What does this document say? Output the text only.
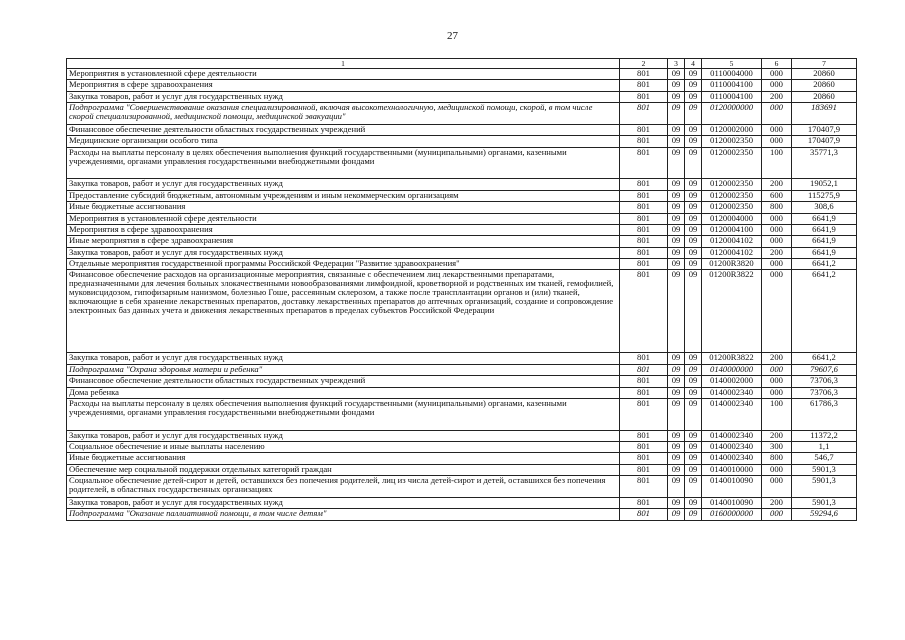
27
1	2	3	4	5	6	7
Мероприятия в установленной сфере деятельности	801	09	09	0110004000	000	20860
Мероприятия в сфере здравоохранения	801	09	09	0110004100	000	20860
Закупка товаров, работ и услуг для государственных нужд	801	09	09	0110004100	200	20860
Подпрограмма "Совершенствование оказания специализированной, включая высокотехнологичную, медицинской помощи, скорой, в том числе скорой специализированной, медицинской помощи, медицинской эвакуации"	801	09	09	0120000000	000	183691
Финансовое обеспечение деятельности областных государственных учреждений	801	09	09	0120002000	000	170407,9
Медицинские организации особого типа	801	09	09	0120002350	000	170407,9
Расходы на выплаты персоналу в целях обеспечения выполнения функций государственными (муниципальными) органами, казенными учреждениями, органами управления государственными внебюджетными фондами	801	09	09	0120002350	100	35771,3
Закупка товаров, работ и услуг для государственных нужд	801	09	09	0120002350	200	19052,1
Предоставление субсидий бюджетным, автономным учреждениям и иным некоммерческим организациям	801	09	09	0120002350	600	115275,9
Иные бюджетные ассигнования	801	09	09	0120002350	800	308,6
Мероприятия в установленной сфере деятельности	801	09	09	0120004000	000	6641,9
Мероприятия в сфере здравоохранения	801	09	09	0120004100	000	6641,9
Иные мероприятия в сфере здравоохранения	801	09	09	0120004102	000	6641,9
Закупка товаров, работ и услуг для государственных нужд	801	09	09	0120004102	200	6641,9
Отдельные мероприятия государственной программы Российской Федерации "Развитие здравоохранения"	801	09	09	01200R3820	000	6641,2
Финансовое обеспечение расходов на организационные мероприятия, связанные с обеспечением лиц лекарственными препаратами, предназначенными для лечения больных злокачественными новообразованиями лимфоидной, кроветворной и родственных им тканей, гемофилией, муковисцидозом, гипофизарным нанизмом, болезнью Гоше, рассеянным склерозом, а также после трансплантации органов и (или) тканей, включающие в себя хранение лекарственных препаратов, доставку лекарственных препаратов до аптечных организаций, создание и сопровождение электронных баз данных учета и движения лекарственных препаратов в пределах субъектов Российской Федерации	801	09	09	01200R3822	000	6641,2
Закупка товаров, работ и услуг для государственных нужд	801	09	09	01200R3822	200	6641,2
Подпрограмма "Охрана здоровья матери и ребенка"	801	09	09	0140000000	000	79607,6
Финансовое обеспечение деятельности областных государственных учреждений	801	09	09	0140002000	000	73706,3
Дома ребенка	801	09	09	0140002340	000	73706,3
Расходы на выплаты персоналу в целях обеспечения выполнения функций государственными (муниципальными) органами, казенными учреждениями, органами управления государственными внебюджетными фондами	801	09	09	0140002340	100	61786,3
Закупка товаров, работ и услуг для государственных нужд	801	09	09	0140002340	200	11372,2
Социальное обеспечение и иные выплаты населению	801	09	09	0140002340	300	1,1
Иные бюджетные ассигнования	801	09	09	0140002340	800	546,7
Обеспечение мер социальной поддержки отдельных категорий граждан	801	09	09	0140010000	000	5901,3
Социальное обеспечение детей-сирот и детей, оставшихся без попечения родителей, лиц из числа детей-сирот и детей, оставшихся без попечения родителей, в областных государственных организациях	801	09	09	0140010090	000	5901,3
Закупка товаров, работ и услуг для государственных нужд	801	09	09	0140010090	200	5901,3
Подпрограмма "Оказание паллиативной помощи, в том числе детям"	801	09	09	0160000000	000	59294,6
